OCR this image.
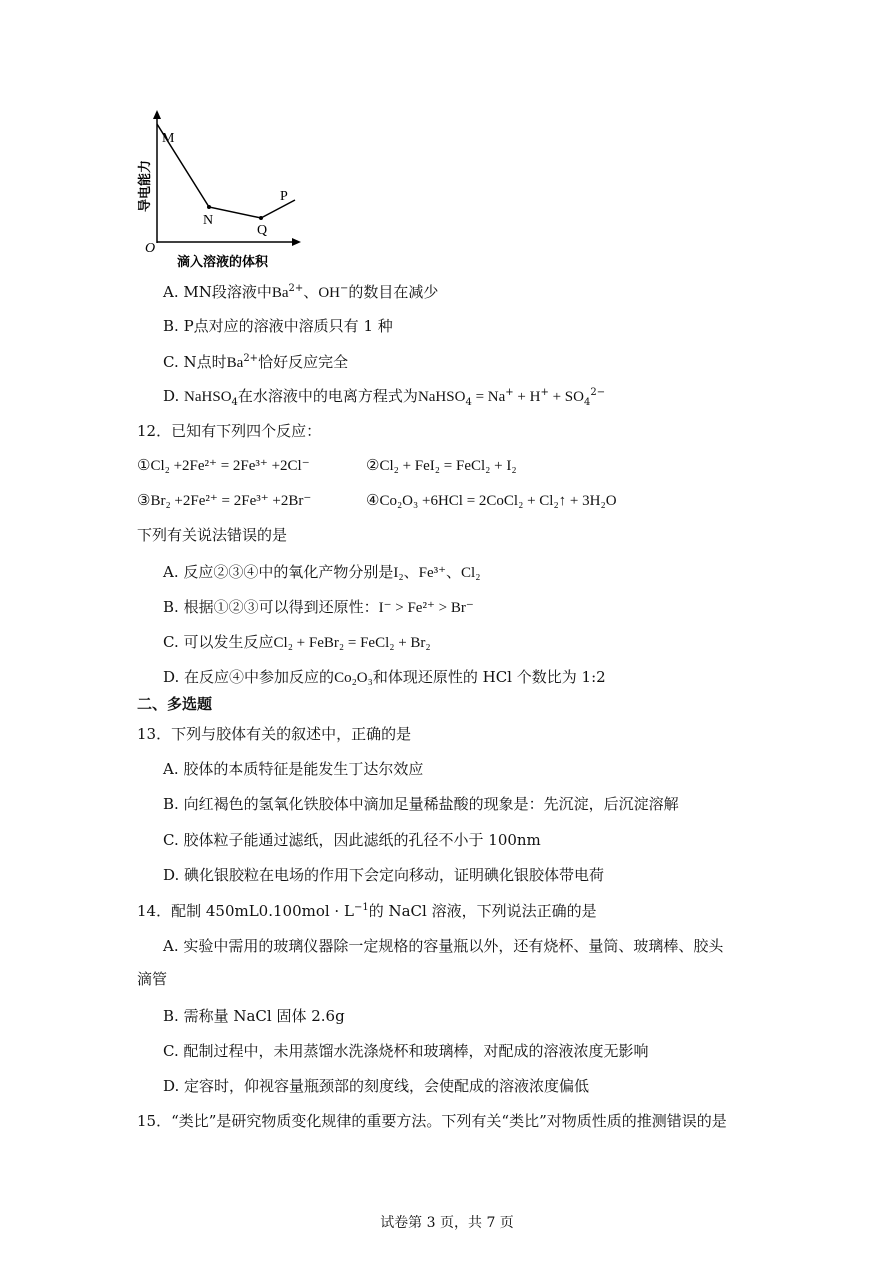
M
N
Q
P
O
导电能力
滴入溶液的体积
A. MN段溶液中$Ba^{2+}$、OH−的数目在减少
B. P点对应的溶液中溶质只有 1 种
C. N点时$Ba^{2+}$恰好反应完全
D. NaHSO$_4$在水溶液中的电离方程式为NaHSO$_4$ = $Na^+ + H^+ + SO_4^{2-}$
12．已知有下列四个反应：
①Cl₂ +2Fe²⁺ = 2Fe³⁺ +2Cl⁻	②Cl₂ + FeI₂ = FeCl₂ + I₂
③Br₂ +2Fe²⁺ = 2Fe³⁺ +2Br⁻	④Co₂O₃ +6HCl = 2CoCl₂ + Cl₂↑ + 3H₂O
下列有关说法错误的是
A. 反应②③④中的氧化产物分别是I₂、Fe³⁺、Cl₂
B. 根据①②③可以得到还原性：I⁻ > Fe²⁺ > Br⁻
C. 可以发生反应Cl₂ + FeBr₂ = FeCl₂ + Br₂
D. 在反应④中参加反应的Co₂O₃和体现还原性的 HCl 个数比为 1:2
二、多选题
13．下列与胶体有关的叙述中，正确的是
A. 胶体的本质特征是能发生丁达尔效应
B. 向红褐色的氢氧化铁胶体中滴加足量稀盐酸的现象是：先沉淀，后沉淀溶解
C. 胶体粒子能通过滤纸，因此滤纸的孔径不小于 100nm
D. 碘化银胶粒在电场的作用下会定向移动，证明碘化银胶体带电荷
14．配制 $450mL0.100mol \cdot L^{-1}$的 NaCl 溶液，下列说法正确的是
A. 实验中需用的玻璃仪器除一定规格的容量瓶以外，还有烧杯、量筒、玻璃棒、胶头
滴管
B. 需称量 NaCl 固体 2.6g
C. 配制过程中，未用蒸馏水洗涤烧杯和玻璃棒，对配成的溶液浓度无影响
D. 定容时，仰视容量瓶颈部的刻度线，会使配成的溶液浓度偏低
15．“类比”是研究物质变化规律的重要方法。下列有关“类比”对物质性质的推测错误的是
试卷第 3 页，共 7 页
